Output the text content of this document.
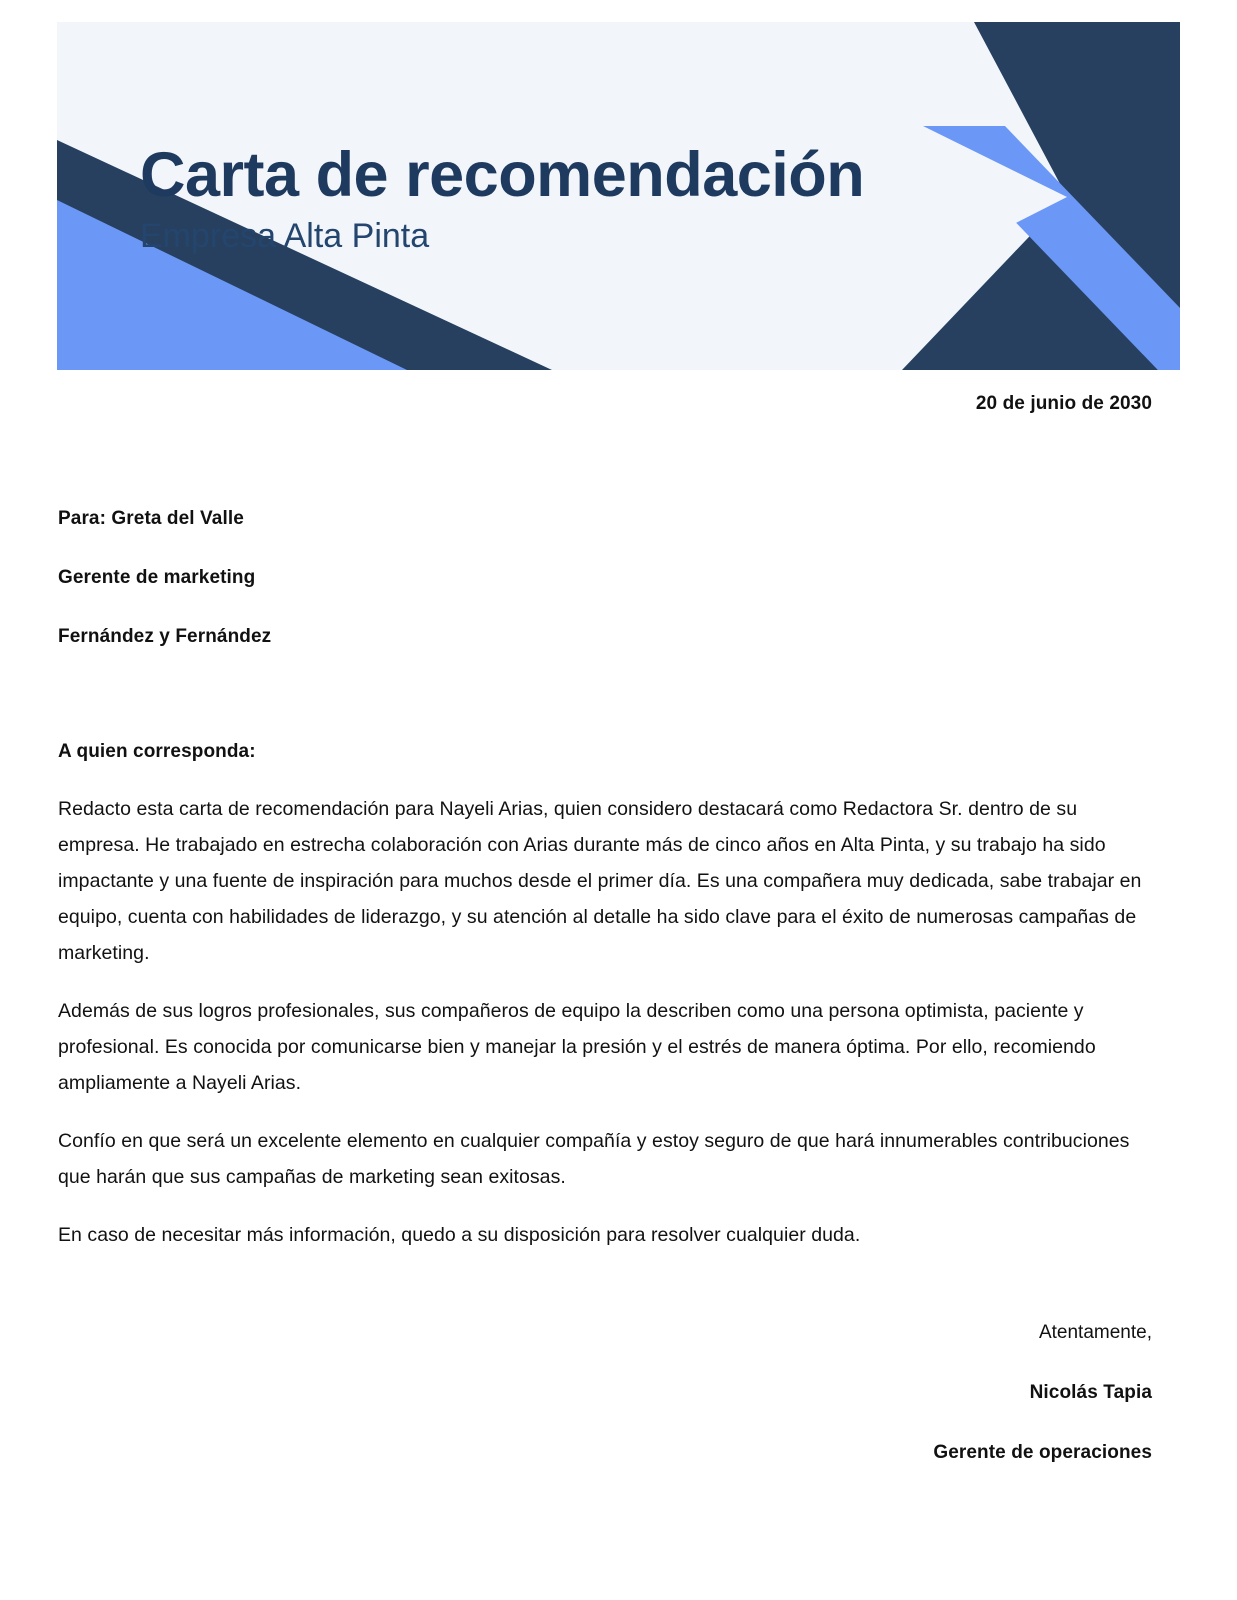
Carta de recomendación
Empresa Alta Pinta
20 de junio de 2030
Para: Greta del Valle
Gerente de marketing
Fernández y Fernández
A quien corresponda:

Redacto esta carta de recomendación para Nayeli Arias, quien considero destacará como Redactora Sr. dentro de su empresa. He trabajado en estrecha colaboración con Arias durante más de cinco años en Alta Pinta, y su trabajo ha sido impactante y una fuente de inspiración para muchos desde el primer día. Es una compañera muy dedicada, sabe trabajar en equipo, cuenta con habilidades de liderazgo, y su atención al detalle ha sido clave para el éxito de numerosas campañas de marketing.

Además de sus logros profesionales, sus compañeros de equipo la describen como una persona optimista, paciente y profesional. Es conocida por comunicarse bien y manejar la presión y el estrés de manera óptima. Por ello, recomiendo ampliamente a Nayeli Arias.

Confío en que será un excelente elemento en cualquier compañía y estoy seguro de que hará innumerables contribuciones que harán que sus campañas de marketing sean exitosas.

En caso de necesitar más información, quedo a su disposición para resolver cualquier duda.

Atentamente,
Nicolás Tapia
Gerente de operaciones
